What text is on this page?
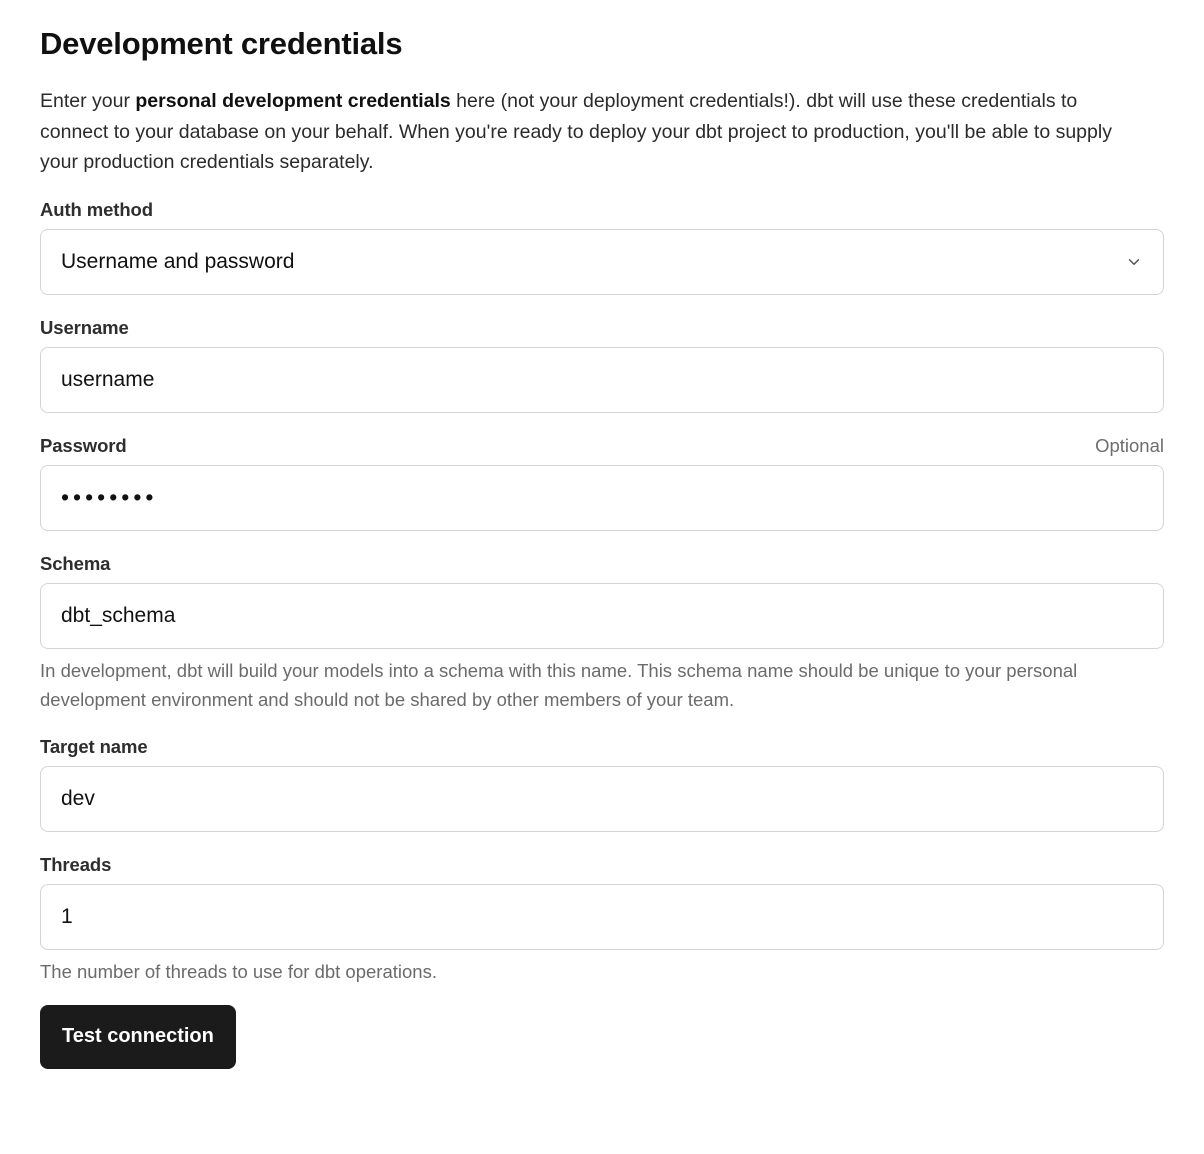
Development credentials

Enter your personal development credentials here (not your deployment credentials!). dbt will use these credentials to connect to your database on your behalf. When you're ready to deploy your dbt project to production, you'll be able to supply your production credentials separately.

Auth method
Username and password
Username
username
Password	Optional
••••••••
Schema
dbt_schema
In development, dbt will build your models into a schema with this name. This schema name should be unique to your personal development environment and should not be shared by other members of your team.
Target name
dev
Threads
1
The number of threads to use for dbt operations.
Test connection
